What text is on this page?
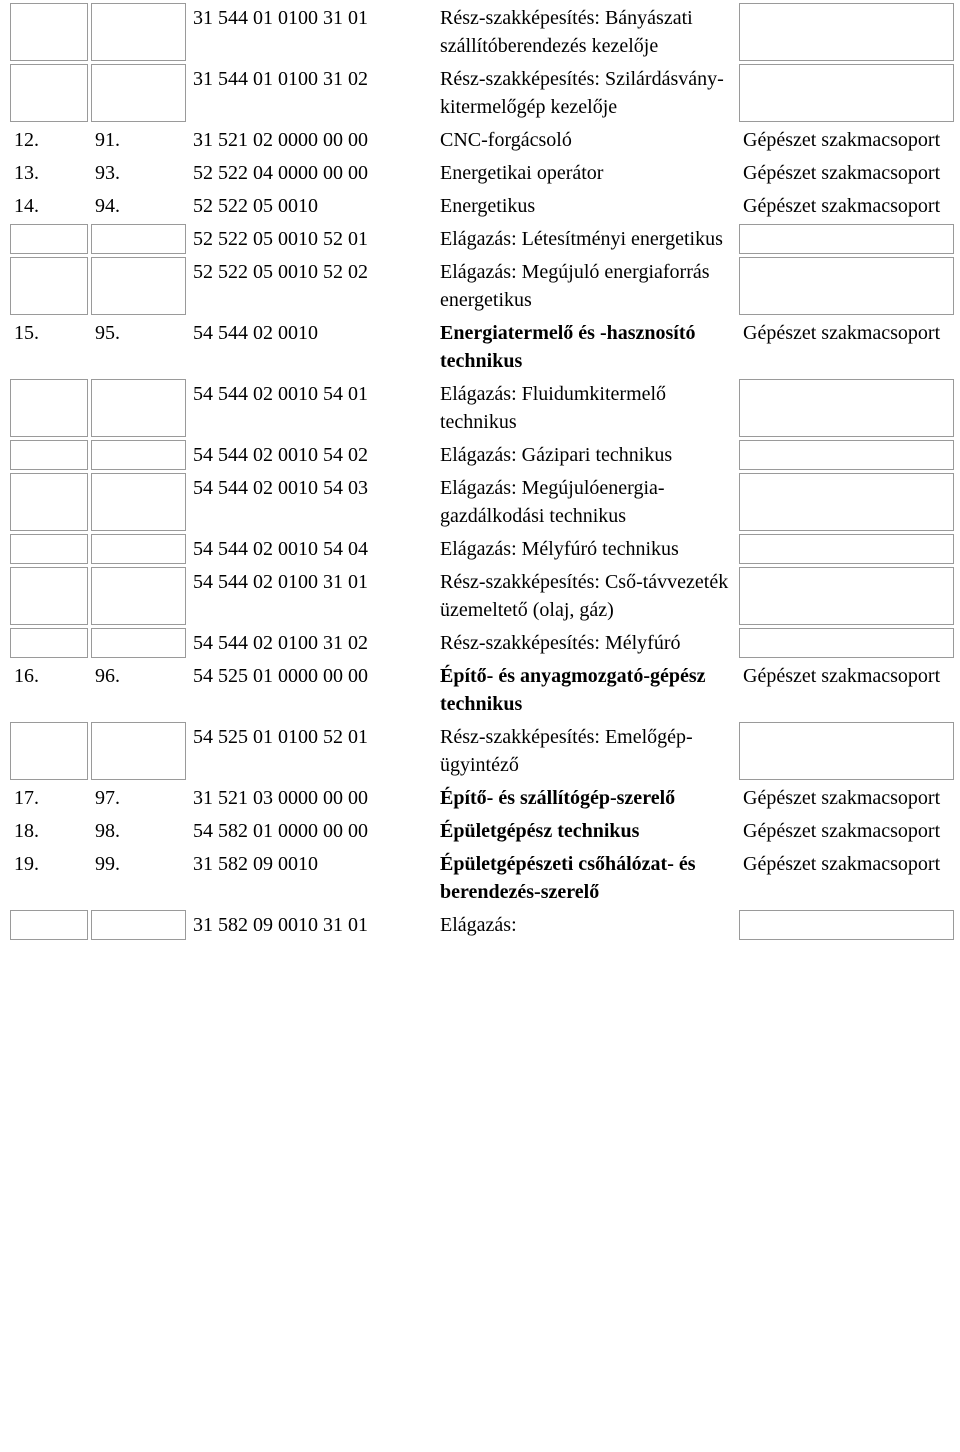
		31 544 01 0100 31 01	Rész-szakképesítés: Bányászati szállítóberendezés kezelője	

		31 544 01 0100 31 02	Rész-szakképesítés: Szilárdásvány-kitermelőgép kezelője	

12.	91.	31 521 02 0000 00 00	CNC-forgácsoló	Gépészet szakmacsoport

13.	93.	52 522 04 0000 00 00	Energetikai operátor	Gépészet szakmacsoport

14.	94.	52 522 05 0010	Energetikus	Gépészet szakmacsoport

		52 522 05 0010 52 01	Elágazás: Létesítményi energetikus	

		52 522 05 0010 52 02	Elágazás: Megújuló energiaforrás energetikus	

15.	95.	54 544 02 0010	Energiatermelő és -hasznosító technikus	Gépészet szakmacsoport

		54 544 02 0010 54 01	Elágazás: Fluidumkitermelő technikus	

		54 544 02 0010 54 02	Elágazás: Gázipari technikus	

		54 544 02 0010 54 03	Elágazás: Megújulóenergia-gazdálkodási technikus	

		54 544 02 0010 54 04	Elágazás: Mélyfúró technikus	

		54 544 02 0100 31 01	Rész-szakképesítés: Cső-távvezeték üzemeltető (olaj, gáz)	

		54 544 02 0100 31 02	Rész-szakképesítés: Mélyfúró	

16.	96.	54 525 01 0000 00 00	Építő- és anyagmozgató-gépész technikus	Gépészet szakmacsoport

		54 525 01 0100 52 01	Rész-szakképesítés: Emelőgép-ügyintéző	

17.	97.	31 521 03 0000 00 00	Építő- és szállítógép-szerelő	Gépészet szakmacsoport

18.	98.	54 582 01 0000 00 00	Épületgépész technikus	Gépészet szakmacsoport

19.	99.	31 582 09 0010	Épületgépészeti csőhálózat- és berendezés-szerelő	Gépészet szakmacsoport

		31 582 09 0010 31 01	Elágazás:	
